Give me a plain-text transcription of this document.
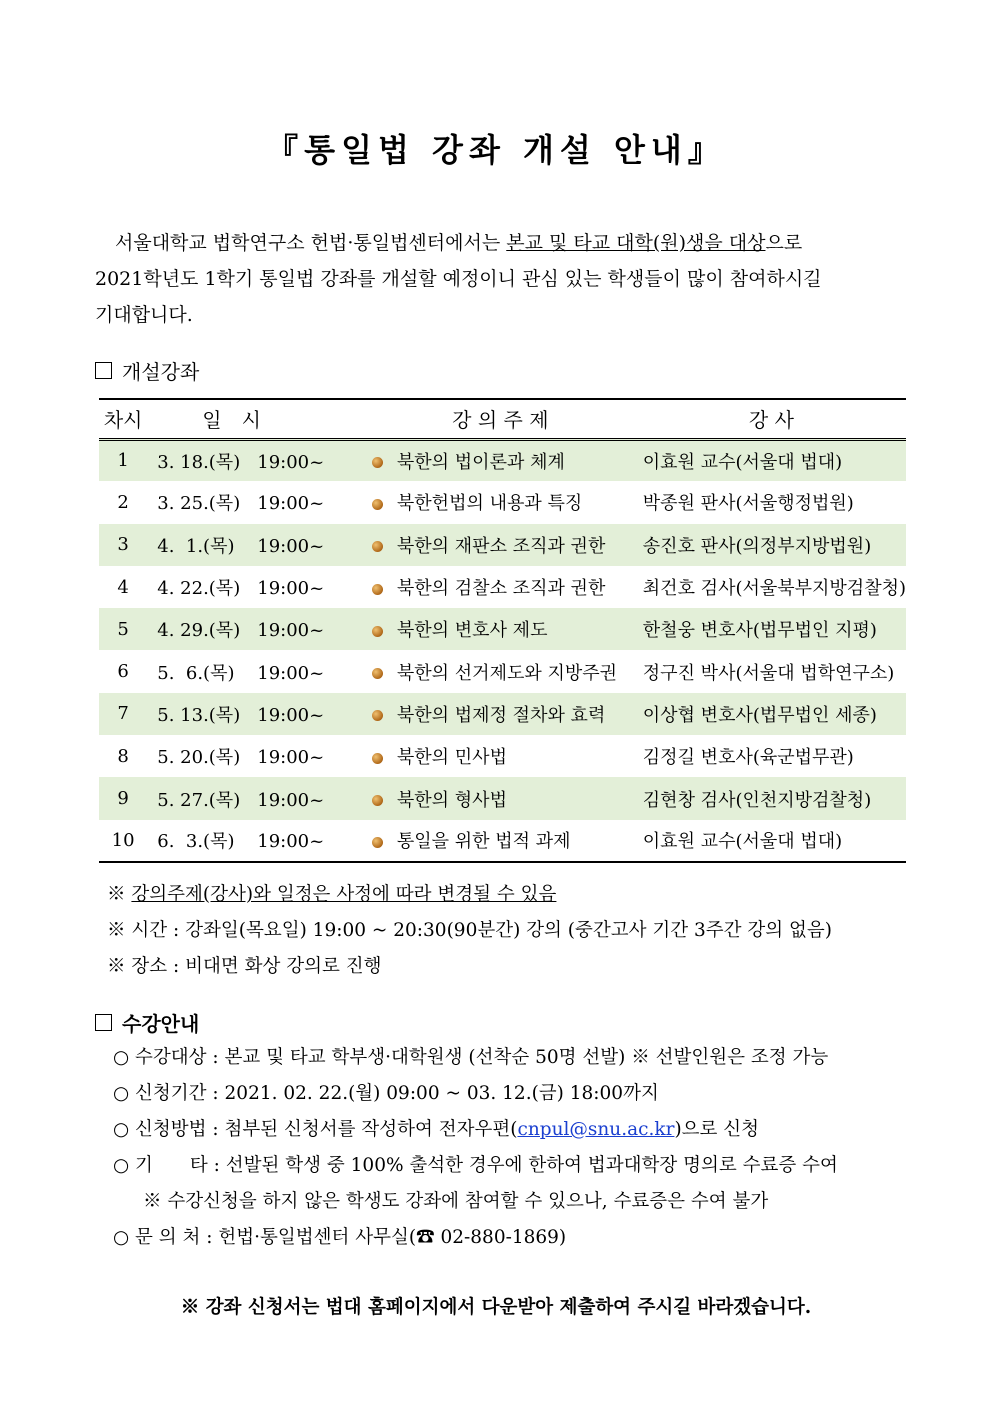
『통일법 강좌 개설 안내』

서울대학교 법학연구소 헌법·통일법센터에서는 본교 및 타교 대학(원)생을 대상으로

2021학년도 1학기 통일법 강좌를 개설할 예정이니 관심 있는 학생들이 많이 참여하시길

기대합니다.

개설강좌
차시	일　시	강 의 주 제	강 사
1	3. 18.(목) 19:00~	북한의 법이론과 체계	이효원 교수(서울대 법대)
2	3. 25.(목) 19:00~	북한헌법의 내용과 특징	박종원 판사(서울행정법원)
3	4.  1.(목) 19:00~	북한의 재판소 조직과 권한	송진호 판사(의정부지방법원)
4	4. 22.(목) 19:00~	북한의 검찰소 조직과 권한	최건호 검사(서울북부지방검찰청)
5	4. 29.(목) 19:00~	북한의 변호사 제도	한철웅 변호사(법무법인 지평)
6	5.  6.(목) 19:00~	북한의 선거제도와 지방주권	정구진 박사(서울대 법학연구소)
7	5. 13.(목) 19:00~	북한의 법제정 절차와 효력	이상협 변호사(법무법인 세종)
8	5. 20.(목) 19:00~	북한의 민사법	김정길 변호사(육군법무관)
9	5. 27.(목) 19:00~	북한의 형사법	김현창 검사(인천지방검찰청)
10	6.  3.(목) 19:00~	통일을 위한 법적 과제	이효원 교수(서울대 법대)
※ 강의주제(강사)와 일정은 사정에 따라 변경될 수 있음
※ 시간 : 강좌일(목요일) 19:00 ~ 20:30(90분간) 강의 (중간고사 기간 3주간 강의 없음)
※ 장소 : 비대면 화상 강의로 진행
수강안내
○ 수강대상 : 본교 및 타교 학부생·대학원생 (선착순 50명 선발) ※ 선발인원은 조정 가능
○ 신청기간 : 2021. 02. 22.(월) 09:00 ~ 03. 12.(금) 18:00까지
○ 신청방법 : 첨부된 신청서를 작성하여 전자우편(cnpul@snu.ac.kr)으로 신청
○ 기　　타 : 선발된 학생 중 100% 출석한 경우에 한하여 법과대학장 명의로 수료증 수여
※ 수강신청을 하지 않은 학생도 강좌에 참여할 수 있으나, 수료증은 수여 불가
○ 문 의 처 : 헌법·통일법센터 사무실(☎ 02-880-1869)
※ 강좌 신청서는 법대 홈페이지에서 다운받아 제출하여 주시길 바라겠습니다.
